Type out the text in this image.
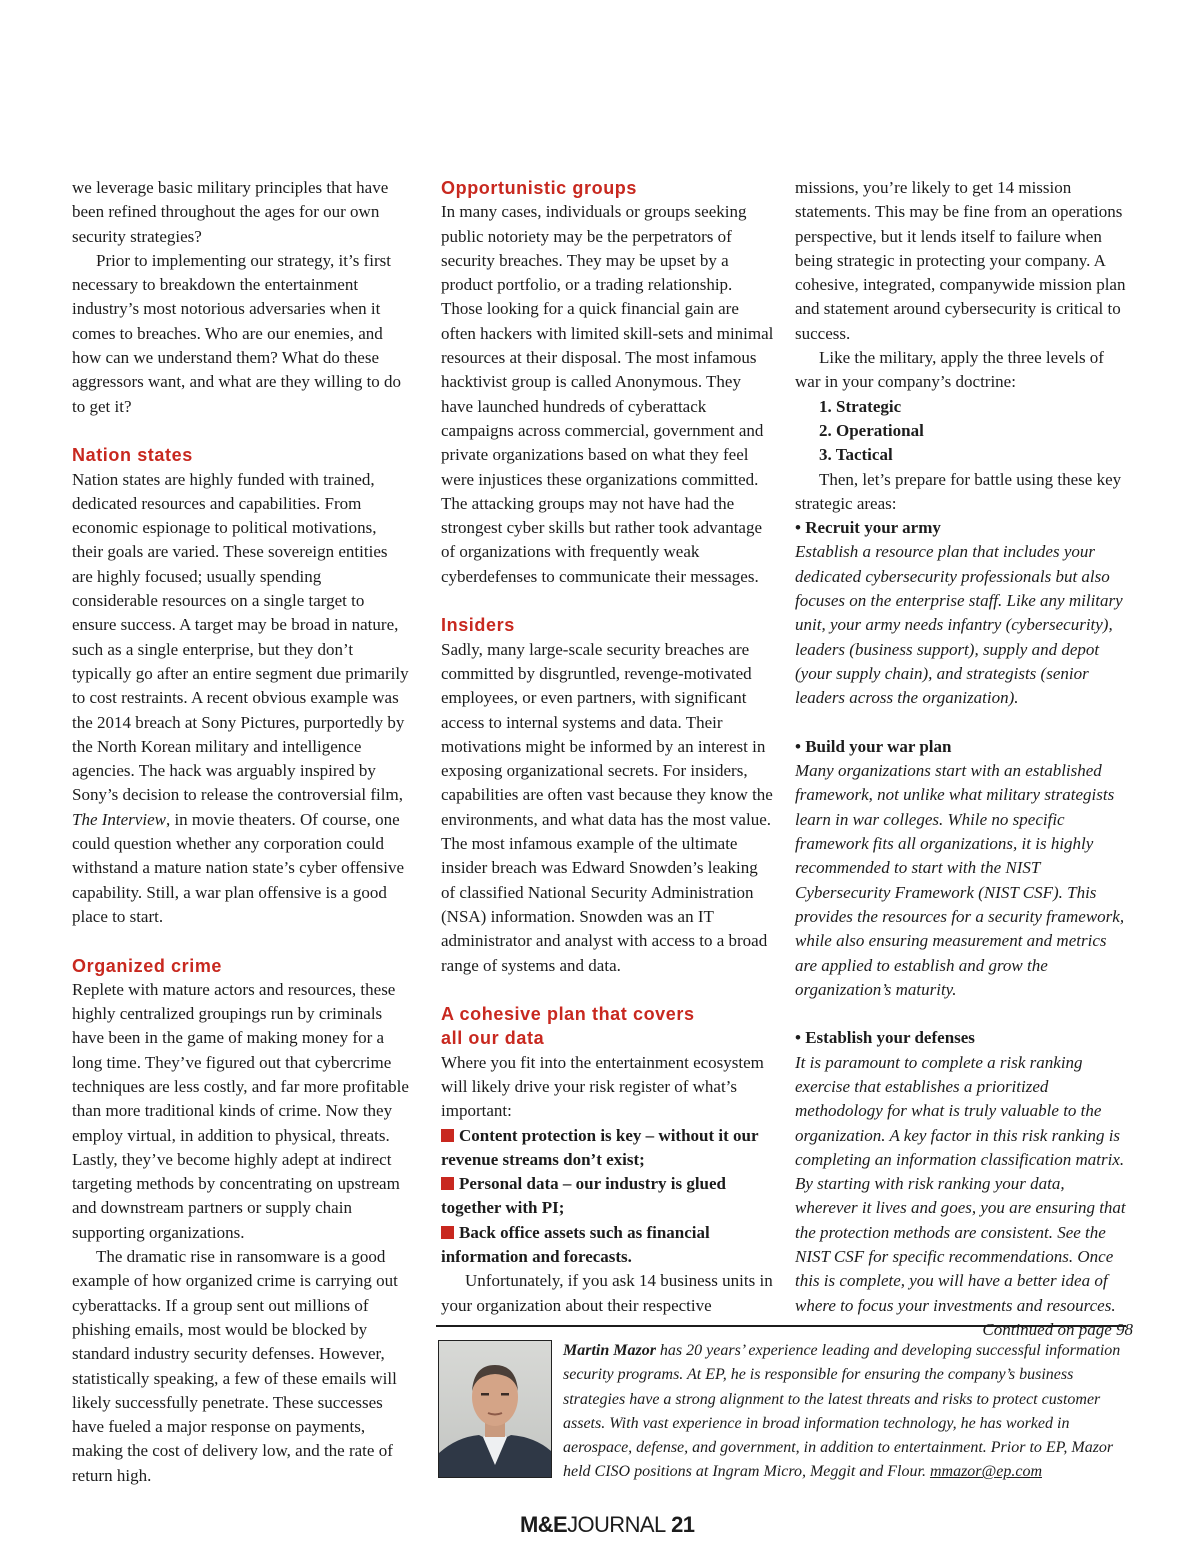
we leverage basic military principles that have been refined throughout the ages for our own security strategies?

Prior to implementing our strategy, it’s first necessary to breakdown the entertainment industry’s most notorious adversaries when it comes to breaches. Who are our enemies, and how can we understand them? What do these aggressors want, and what are they willing to do to get it?

Nation states

Nation states are highly funded with trained, dedicated resources and capabilities. From economic espionage to political motivations, their goals are varied. These sovereign entities are highly focused; usually spending considerable resources on a single target to ensure success. A target may be broad in nature, such as a single enterprise, but they don’t typically go after an entire segment due primarily to cost restraints. A recent obvious example was the 2014 breach at Sony Pictures, purportedly by the North Korean military and intelligence agencies. The hack was arguably inspired by Sony’s decision to release the controversial film, The Interview, in movie theaters. Of course, one could question whether any corporation could withstand a mature nation state’s cyber offensive capability. Still, a war plan offensive is a good place to start.

Organized crime

Replete with mature actors and resources, these highly centralized groupings run by criminals have been in the game of making money for a long time. They’ve figured out that cybercrime techniques are less costly, and far more profitable than more traditional kinds of crime. Now they employ virtual, in addition to physical, threats. Lastly, they’ve become highly adept at indirect targeting methods by concentrating on upstream and downstream partners or supply chain supporting organizations.

The dramatic rise in ransomware is a good example of how organized crime is carrying out cyberattacks. If a group sent out millions of phishing emails, most would be blocked by standard industry security defenses. However, statistically speaking, a few of these emails will likely successfully penetrate. These successes have fueled a major response on payments, making the cost of delivery low, and the rate of return high.

Opportunistic groups

In many cases, individuals or groups seeking public notoriety may be the perpetrators of security breaches. They may be upset by a product portfolio, or a trading relationship. Those looking for a quick financial gain are often hackers with limited skill-sets and minimal resources at their disposal. The most infamous hacktivist group is called Anonymous. They have launched hundreds of cyberattack campaigns across commercial, government and private organizations based on what they feel were injustices these organizations committed. The attacking groups may not have had the strongest cyber skills but rather took advantage of organizations with frequently weak cyberdefenses to communicate their messages.

Insiders

Sadly, many large-scale security breaches are committed by disgruntled, revenge-motivated employees, or even partners, with significant access to internal systems and data. Their motivations might be informed by an interest in exposing organizational secrets. For insiders, capabilities are often vast because they know the environments, and what data has the most value. The most infamous example of the ultimate insider breach was Edward Snowden’s leaking of classified National Security Administration (NSA) information. Snowden was an IT administrator and analyst with access to a broad range of systems and data.

A cohesive plan that covers
all our data

Where you fit into the entertainment ecosystem will likely drive your risk register of what’s important:

Content protection is key – without it our revenue streams don’t exist;

Personal data – our industry is glued together with PI;

Back office assets such as financial information and forecasts.

Unfortunately, if you ask 14 business units in your organization about their respective

missions, you’re likely to get 14 mission statements. This may be fine from an operations perspective, but it lends itself to failure when being strategic in protecting your company. A cohesive, integrated, companywide mission plan and statement around cybersecurity is critical to success.

Like the military, apply the three levels of war in your company’s doctrine:

1. Strategic

2. Operational

3. Tactical

Then, let’s prepare for battle using these key strategic areas:

• Recruit your army

Establish a resource plan that includes your dedicated cybersecurity professionals but also focuses on the enterprise staff. Like any military unit, your army needs infantry (cybersecurity), leaders (business support), supply and depot (your supply chain), and strategists (senior leaders across the organization).

• Build your war plan

Many organizations start with an established framework, not unlike what military strategists learn in war colleges. While no specific framework fits all organizations, it is highly recommended to start with the NIST Cybersecurity Framework (NIST CSF). This provides the resources for a security framework, while also ensuring measurement and metrics are applied to establish and grow the organization’s maturity.

• Establish your defenses

It is paramount to complete a risk ranking exercise that establishes a prioritized methodology for what is truly valuable to the organization. A key factor in this risk ranking is completing an information classification matrix. By starting with risk ranking your data, wherever it lives and goes, you are ensuring that the protection methods are consistent. See the NIST CSF for specific recommendations. Once this is complete, you will have a better idea of where to focus your investments and resources.

Continued on page 98

Martin Mazor has 20 years’ experience leading and developing successful information security programs. At EP, he is responsible for ensuring the company’s business strategies have a strong alignment to the latest threats and risks to protect customer assets. With vast experience in broad information technology, he has worked in aerospace, defense, and government, in addition to entertainment. Prior to EP, Mazor held CISO positions at Ingram Micro, Meggit and Flour. mmazor@ep.com
M&EJOURNAL 21
